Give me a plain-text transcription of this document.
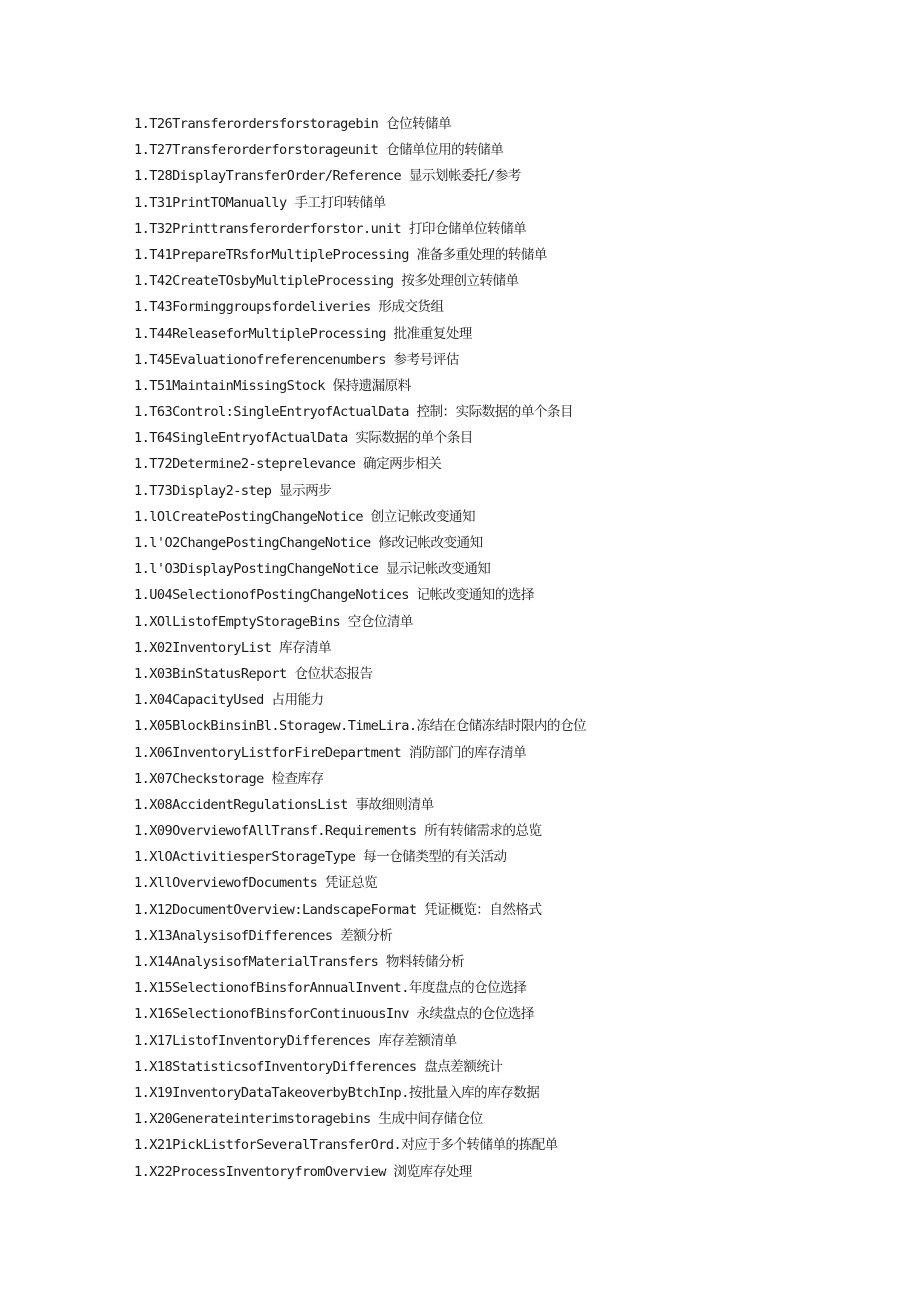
1.T26Transferordersforstoragebin 仓位转储单
1.T27Transferorderforstorageunit 仓储单位用的转储单
1.T28DisplayTransferOrder/Reference 显示划帐委托/参考
1.T31PrintTOManually 手工打印转储单
1.T32Printtransferorderforstor.unit 打印仓储单位转储单
1.T41PrepareTRsforMultipleProcessing 准备多重处理的转储单
1.T42CreateTOsbyMultipleProcessing 按多处理创立转储单
1.T43Forminggroupsfordeliveries 形成交货组
1.T44ReleaseforMultipleProcessing 批准重复处理
1.T45Evaluationofreferencenumbers 参考号评估
1.T51MaintainMissingStock 保持遗漏原料
1.T63Control:SingleEntryofActualData 控制：实际数据的单个条目
1.T64SingleEntryofActualData 实际数据的单个条目
1.T72Determine2-steprelevance 确定两步相关
1.T73Display2-step 显示两步
1.lOlCreatePostingChangeNotice 创立记帐改变通知
1.l'O2ChangePostingChangeNotice 修改记帐改变通知
1.l'O3DisplayPostingChangeNotice 显示记帐改变通知
1.U04SelectionofPostingChangeNotices 记帐改变通知的选择
1.XOlListofEmptyStorageBins 空仓位清单
1.X02InventoryList 库存清单
1.X03BinStatusReport 仓位状态报告
1.X04CapacityUsed 占用能力
1.X05BlockBinsinBl.Storagew.TimeLira.冻结在仓储冻结时限内的仓位
1.X06InventoryListforFireDepartment 消防部门的库存清单
1.X07Checkstorage 检查库存
1.X08AccidentRegulationsList 事故细则清单
1.X09OverviewofAllTransf.Requirements 所有转储需求的总览
1.XlOActivitiesperStorageType 每一仓储类型的有关活动
1.XllOverviewofDocuments 凭证总览
1.X12DocumentOverview:LandscapeFormat 凭证概览：自然格式
1.X13AnalysisofDifferences 差额分析
1.X14AnalysisofMaterialTransfers 物料转储分析
1.X15SelectionofBinsforAnnualInvent.年度盘点的仓位选择
1.X16SelectionofBinsforContinuousInv 永续盘点的仓位选择
1.X17ListofInventoryDifferences 库存差额清单
1.X18StatisticsofInventoryDifferences 盘点差额统计
1.X19InventoryDataTakeoverbyBtchInp.按批量入库的库存数据
1.X20Generateinterimstoragebins 生成中间存储仓位
1.X21PickListforSeveralTransferOrd.对应于多个转储单的拣配单
1.X22ProcessInventoryfromOverview 浏览库存处理
